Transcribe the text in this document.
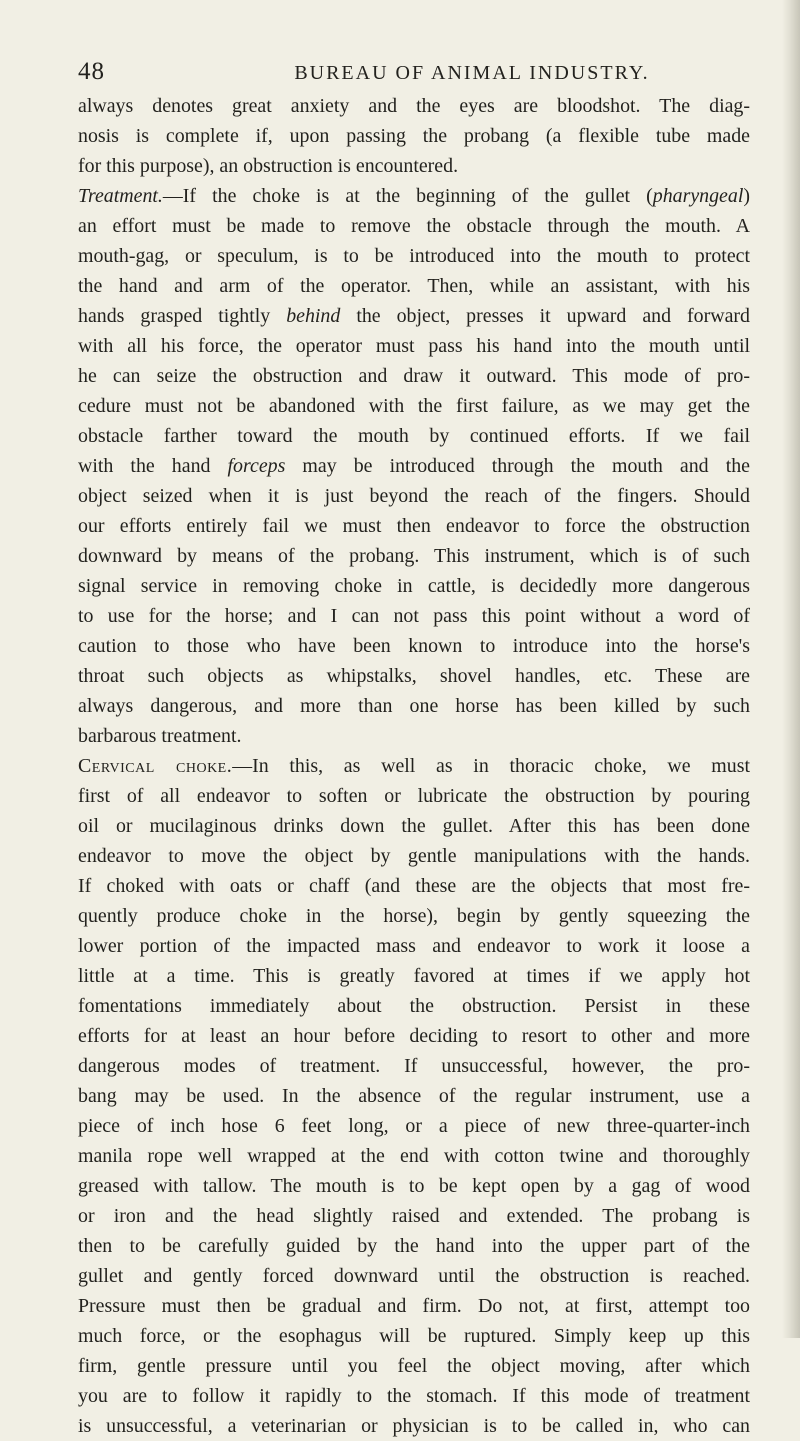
48	BUREAU OF ANIMAL INDUSTRY.
always denotes great anxiety and the eyes are bloodshot. The diag-
nosis is complete if, upon passing the probang (a flexible tube made
for this purpose), an obstruction is encountered.
Treatment.—If the choke is at the beginning of the gullet (pharyngeal)
an effort must be made to remove the obstacle through the mouth. A
mouth-gag, or speculum, is to be introduced into the mouth to protect
the hand and arm of the operator. Then, while an assistant, with his
hands grasped tightly behind the object, presses it upward and forward
with all his force, the operator must pass his hand into the mouth until
he can seize the obstruction and draw it outward. This mode of pro-
cedure must not be abandoned with the first failure, as we may get the
obstacle farther toward the mouth by continued efforts. If we fail
with the hand forceps may be introduced through the mouth and the
object seized when it is just beyond the reach of the fingers. Should
our efforts entirely fail we must then endeavor to force the obstruction
downward by means of the probang. This instrument, which is of such
signal service in removing choke in cattle, is decidedly more dangerous
to use for the horse; and I can not pass this point without a word of
caution to those who have been known to introduce into the horse's
throat such objects as whipstalks, shovel handles, etc. These are
always dangerous, and more than one horse has been killed by such
barbarous treatment.
Cervical choke.—In this, as well as in thoracic choke, we must
first of all endeavor to soften or lubricate the obstruction by pouring
oil or mucilaginous drinks down the gullet. After this has been done
endeavor to move the object by gentle manipulations with the hands.
If choked with oats or chaff (and these are the objects that most fre-
quently produce choke in the horse), begin by gently squeezing the
lower portion of the impacted mass and endeavor to work it loose a
little at a time. This is greatly favored at times if we apply hot
fomentations immediately about the obstruction. Persist in these
efforts for at least an hour before deciding to resort to other and more
dangerous modes of treatment. If unsuccessful, however, the pro-
bang may be used. In the absence of the regular instrument, use a
piece of inch hose 6 feet long, or a piece of new three-quarter-inch
manila rope well wrapped at the end with cotton twine and thoroughly
greased with tallow. The mouth is to be kept open by a gag of wood
or iron and the head slightly raised and extended. The probang is
then to be carefully guided by the hand into the upper part of the
gullet and gently forced downward until the obstruction is reached.
Pressure must then be gradual and firm. Do not, at first, attempt too
much force, or the esophagus will be ruptured. Simply keep up this
firm, gentle pressure until you feel the object moving, after which
you are to follow it rapidly to the stomach. If this mode of treatment
is unsuccessful, a veterinarian or physician is to be called in, who can
